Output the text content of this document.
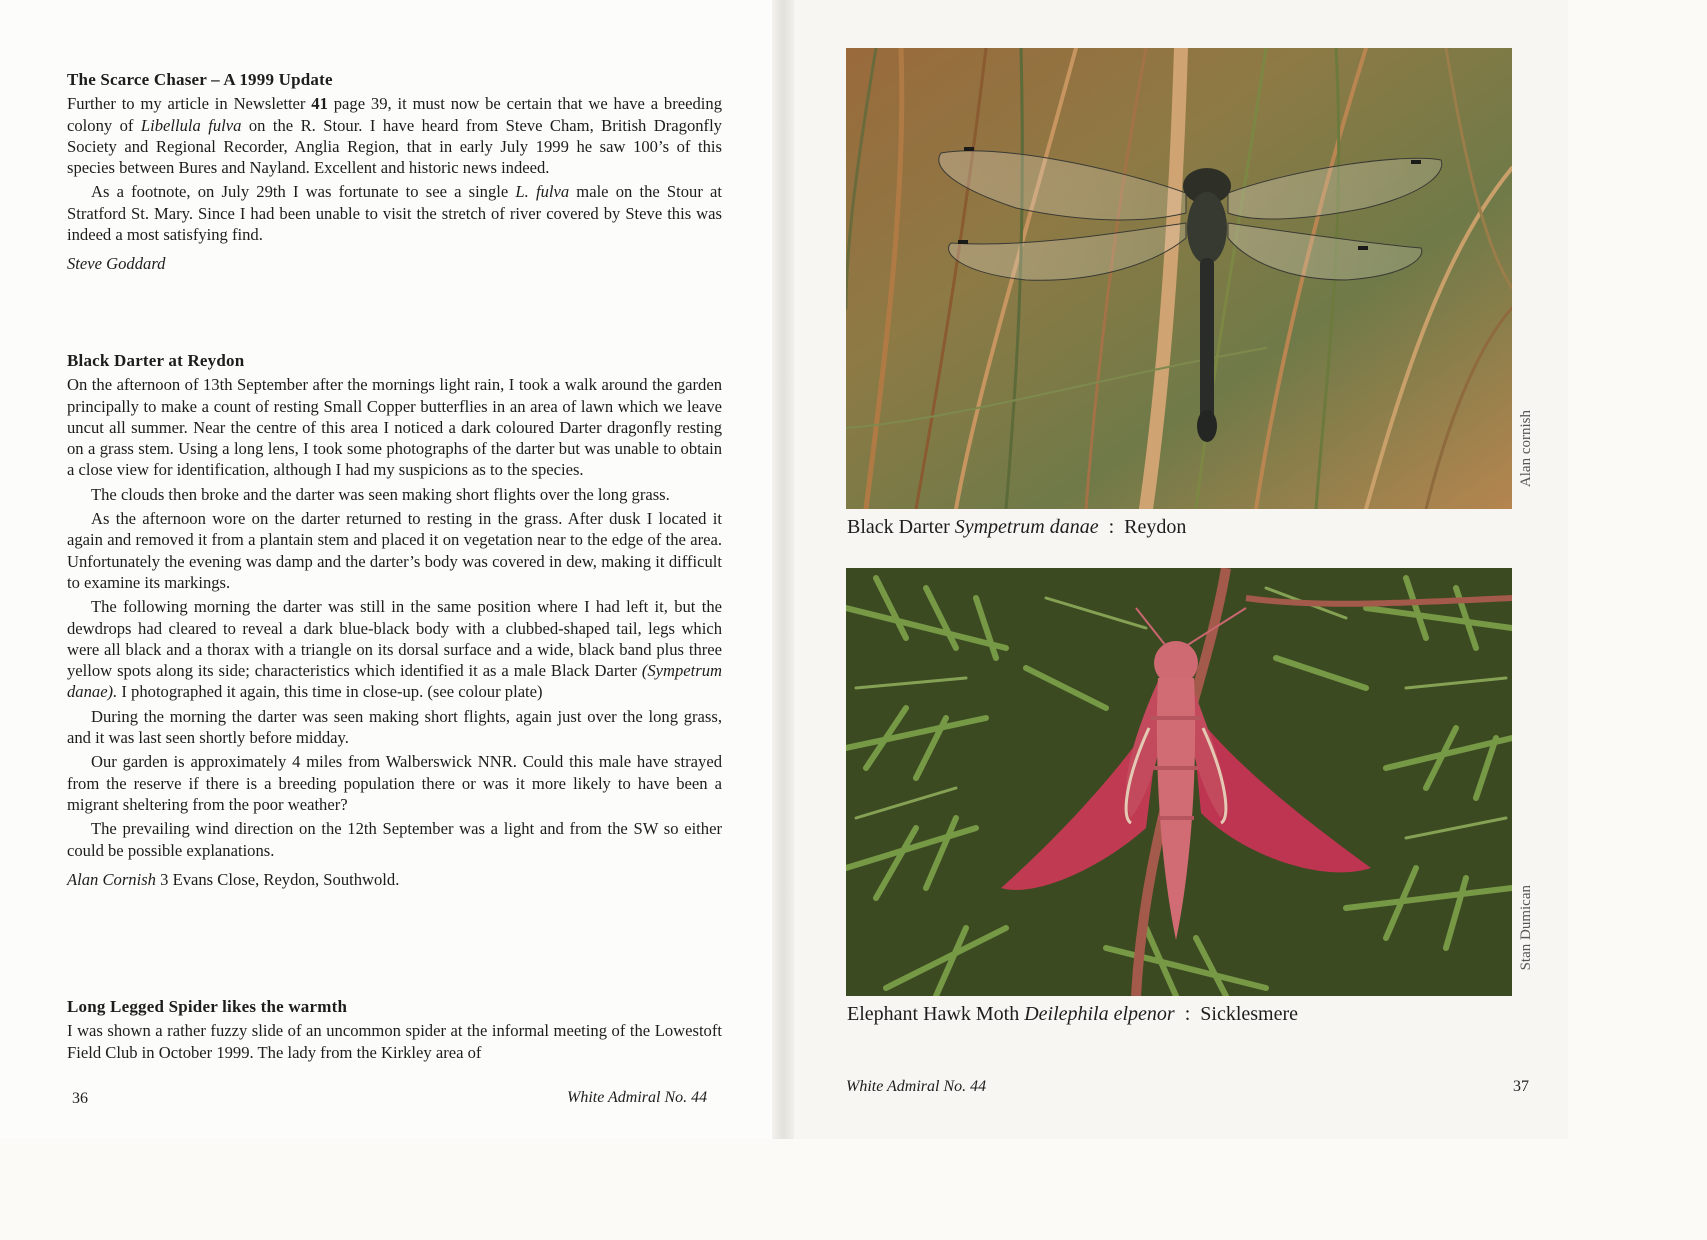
The Scarce Chaser – A 1999 Update

Further to my article in Newsletter 41 page 39, it must now be certain that we have a breeding colony of Libellula fulva on the R. Stour. I have heard from Steve Cham, British Dragonfly Society and Regional Recorder, Anglia Region, that in early July 1999 he saw 100’s of this species between Bures and Nayland. Excellent and historic news indeed.

As a footnote, on July 29th I was fortunate to see a single L. fulva male on the Stour at Stratford St. Mary. Since I had been unable to visit the stretch of river covered by Steve this was indeed a most satisfying find.

Steve Goddard

Black Darter at Reydon

On the afternoon of 13th September after the mornings light rain, I took a walk around the garden principally to make a count of resting Small Copper butterflies in an area of lawn which we leave uncut all summer. Near the centre of this area I noticed a dark coloured Darter dragonfly resting on a grass stem. Using a long lens, I took some photographs of the darter but was unable to obtain a close view for identification, although I had my suspicions as to the species.

The clouds then broke and the darter was seen making short flights over the long grass.

As the afternoon wore on the darter returned to resting in the grass. After dusk I located it again and removed it from a plantain stem and placed it on vegetation near to the edge of the area. Unfortunately the evening was damp and the darter’s body was covered in dew, making it difficult to examine its markings.

The following morning the darter was still in the same position where I had left it, but the dewdrops had cleared to reveal a dark blue-black body with a clubbed-shaped tail, legs which were all black and a thorax with a triangle on its dorsal surface and a wide, black band plus three yellow spots along its side; characteristics which identified it as a male Black Darter (Sympetrum danae). I photographed it again, this time in close-up. (see colour plate)

During the morning the darter was seen making short flights, again just over the long grass, and it was last seen shortly before midday.

Our garden is approximately 4 miles from Walberswick NNR. Could this male have strayed from the reserve if there is a breeding population there or was it more likely to have been a migrant sheltering from the poor weather?

The prevailing wind direction on the 12th September was a light and from the SW so either could be possible explanations.

Alan Cornish 3 Evans Close, Reydon, Southwold.

Long Legged Spider likes the warmth

I was shown a rather fuzzy slide of an uncommon spider at the informal meeting of the Lowestoft Field Club in October 1999. The lady from the Kirkley area of

36	White Admiral No. 44
Black Darter Sympetrum danae  :  Reydon
Alan cornish
Elephant Hawk Moth Deilephila elpenor  :  Sicklesmere
Stan Dumican
White Admiral No. 44	37
